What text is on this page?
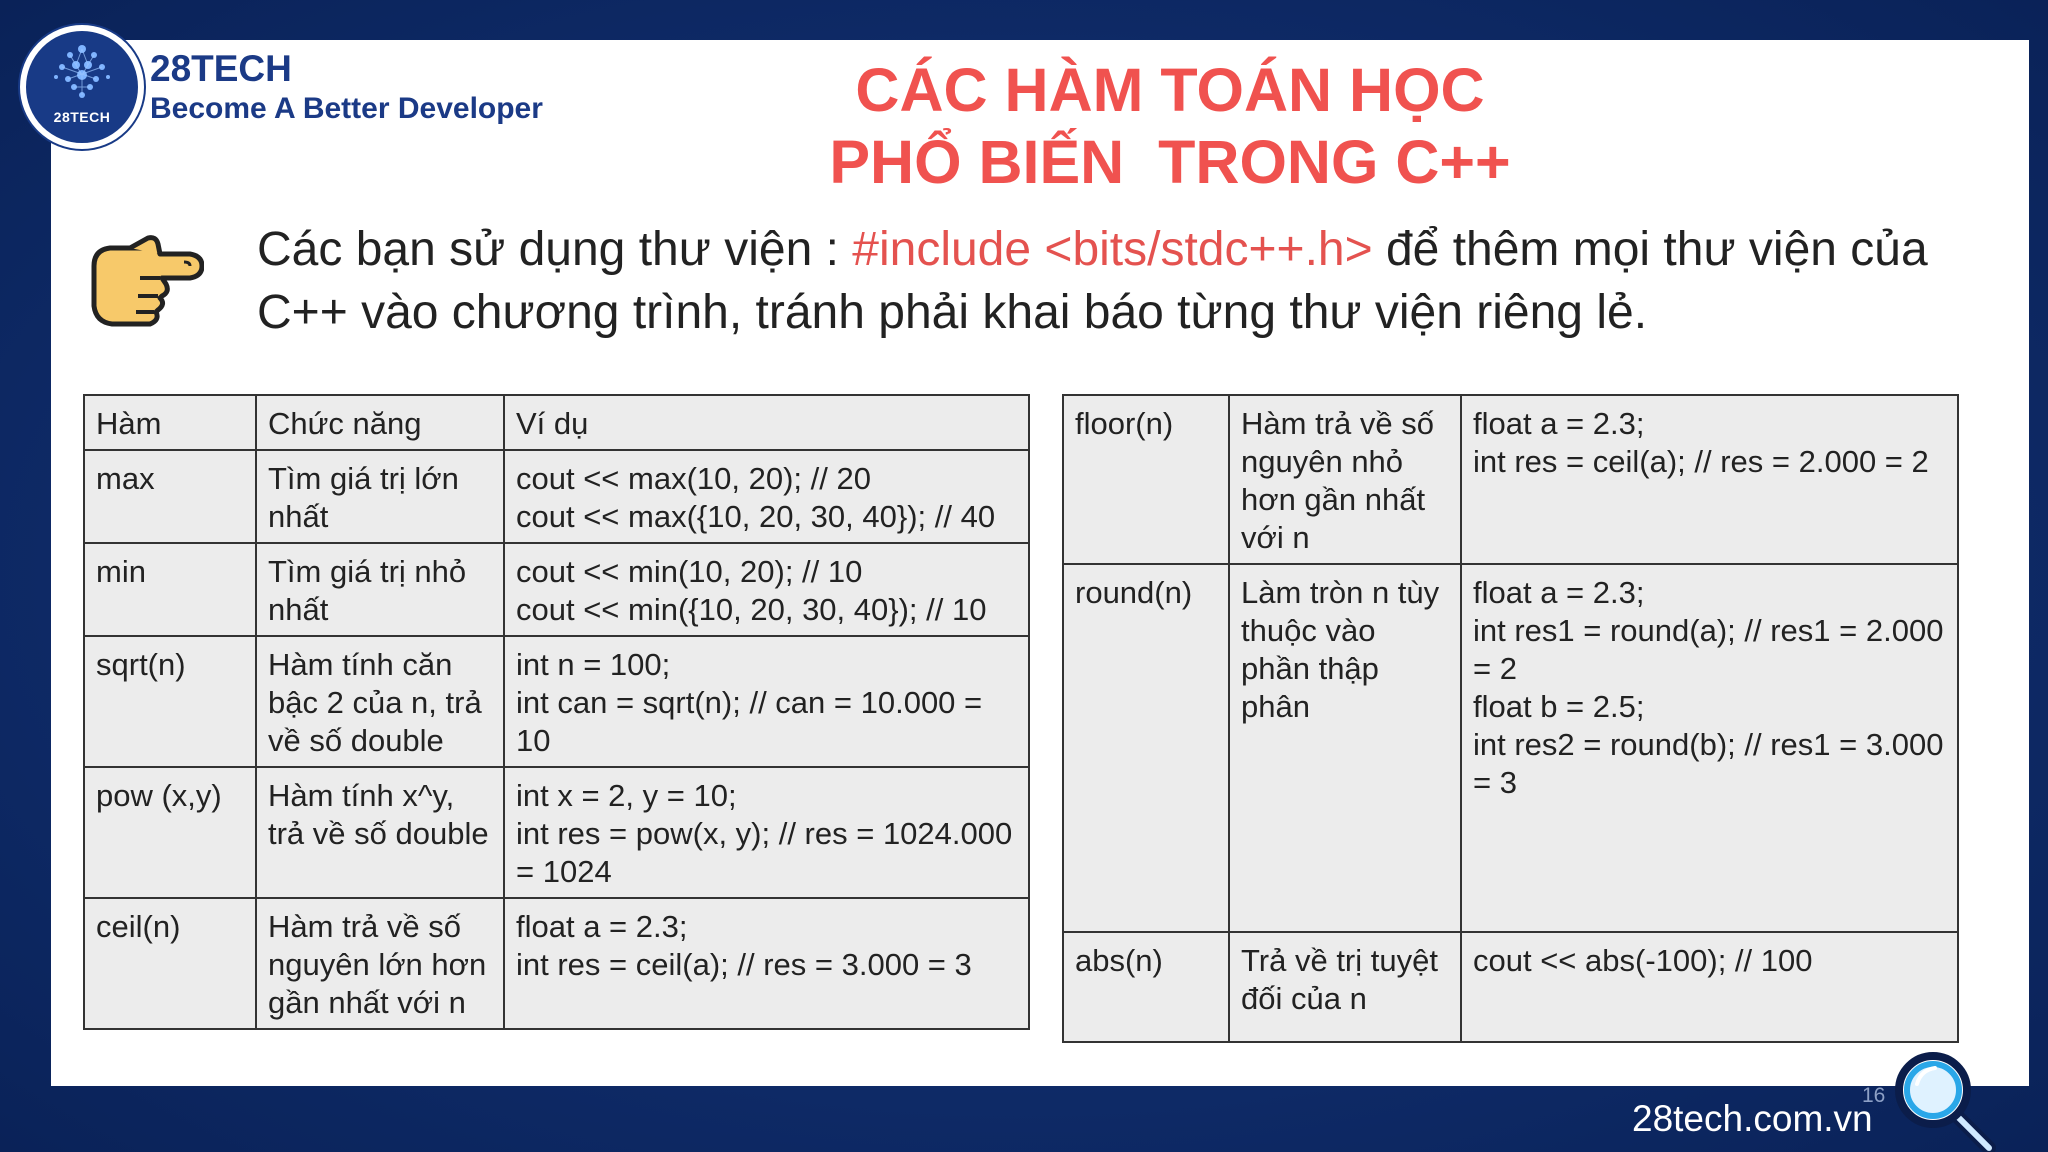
28TECH
28TECH
Become A Better Developer	CÁC HÀM TOÁN HỌC
PHỔ BIẾN  TRONG C++
Các bạn sử dụng thư viện : #include <bits/stdc++.h> để thêm mọi thư viện của C++ vào chương trình, tránh phải khai báo từng thư viện riêng lẻ.
Hàm	Chức năng	Ví dụ
max	Tìm giá trị lớn nhất	cout << max(10, 20); // 20
cout << max({10, 20, 30, 40}); // 40

min	Tìm giá trị nhỏ nhất	cout << min(10, 20); // 10
cout << min({10, 20, 30, 40}); // 10

sqrt(n)	Hàm tính căn bậc 2 của n, trả về số double	int n = 100;
int can = sqrt(n); // can = 10.000 = 10

pow (x,y)	Hàm tính x^y, trả về số double	int x = 2, y = 10;
int res = pow(x, y); // res = 1024.000 = 1024

ceil(n)	Hàm trả về số nguyên lớn hơn gần nhất với n	float a = 2.3;
int res = ceil(a); // res = 3.000 = 3
floor(n)	Hàm trả về số nguyên nhỏ hơn gần nhất với n	float a = 2.3;
int res = ceil(a); // res = 2.000 = 2

round(n)	Làm tròn n tùy thuộc vào phần thập phân	float a = 2.3;
int res1 = round(a); // res1 = 2.000 = 2
float b = 2.5;
int res2 = round(b); // res1 = 3.000 = 3

abs(n)	Trả về trị tuyệt đối của n	cout << abs(-100); // 100
16
28tech.com.vn
